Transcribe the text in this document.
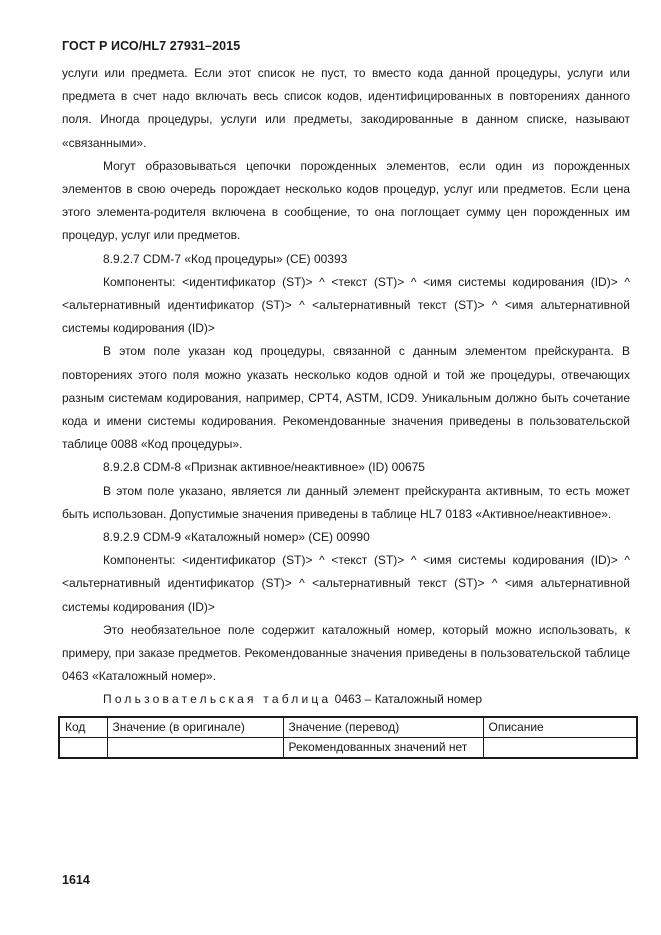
ГОСТ Р ИСО/HL7 27931–2015

услуги или предмета. Если этот список не пуст, то вместо кода данной процедуры, услуги или предмета в счет надо включать весь список кодов, идентифицированных в повторениях данного поля. Иногда процедуры, услуги или предметы, закодированные в данном списке, называют «связанными».

Могут образовываться цепочки порожденных элементов, если один из порожденных элементов в свою очередь порождает несколько кодов процедур, услуг или предметов. Если цена этого элемента-родителя включена в сообщение, то она поглощает сумму цен порожденных им процедур, услуг или предметов.

8.9.2.7 CDM-7 «Код процедуры» (CE) 00393

Компоненты: <идентификатор (ST)> ^ <текст (ST)> ^ <имя системы кодирования (ID)> ^ <альтернативный идентификатор (ST)> ^ <альтернативный текст (ST)> ^ <имя альтернативной системы кодирования (ID)>

В этом поле указан код процедуры, связанной с данным элементом прейскуранта. В повторениях этого поля можно указать несколько кодов одной и той же процедуры, отвечающих разным системам кодирования, например, CPT4, ASTM, ICD9. Уникальным должно быть сочетание кода и имени системы кодирования. Рекомендованные значения приведены в пользовательской таблице 0088 «Код процедуры».

8.9.2.8 CDM-8 «Признак активное/неактивное» (ID) 00675

В этом поле указано, является ли данный элемент прейскуранта активным, то есть может быть использован. Допустимые значения приведены в таблице HL7 0183 «Активное/неактивное».

8.9.2.9 CDM-9 «Каталожный номер» (CE) 00990

Компоненты: <идентификатор (ST)> ^ <текст (ST)> ^ <имя системы кодирования (ID)> ^ <альтернативный идентификатор (ST)> ^ <альтернативный текст (ST)> ^ <имя альтернативной системы кодирования (ID)>

Это необязательное поле содержит каталожный номер, который можно использовать, к примеру, при заказе предметов. Рекомендованные значения приведены в пользовательской таблице 0463 «Каталожный номер».

Пользовательская таблица 0463 – Каталожный номер

Код	Значение (в оригинале)	Значение (перевод)	Описание
		Рекомендованных значений нет	
1614
